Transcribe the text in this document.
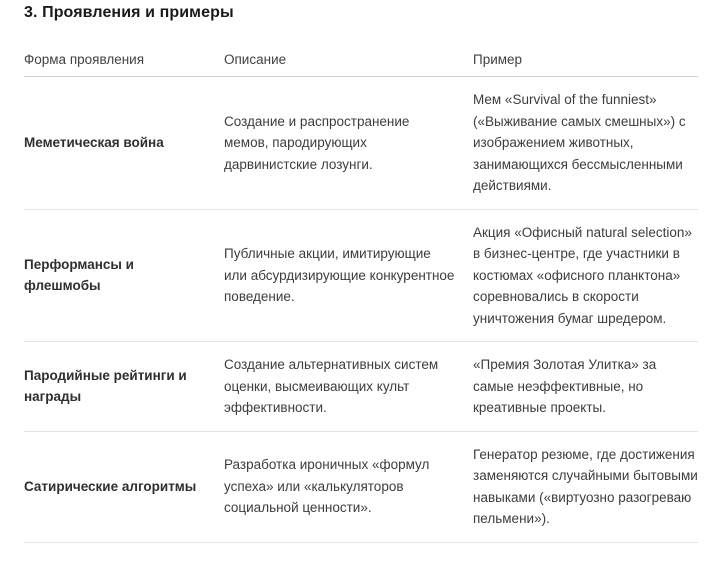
3. Проявления и примеры
Форма проявления	Описание	Пример
Меметическая война	Создание и распространение мемов, пародирующих дарвинистские лозунги.	Мем «Survival of the funniest» («Выживание самых смешных») с изображением животных, занимающихся бессмысленными действиями.
Перформансы и флешмобы	Публичные акции, имитирующие или абсурдизирующие конкурентное поведение.	Акция «Офисный natural selection» в бизнес-центре, где участники в костюмах «офисного планктона» соревновались в скорости уничтожения бумаг шредером.
Пародийные рейтинги и награды	Создание альтернативных систем оценки, высмеивающих культ эффективности.	«Премия Золотая Улитка» за самые неэффективные, но креативные проекты.
Сатирические алгоритмы	Разработка ироничных «формул успеха» или «калькуляторов социальной ценности».	Генератор резюме, где достижения заменяются случайными бытовыми навыками («виртуозно разогреваю пельмени»).
